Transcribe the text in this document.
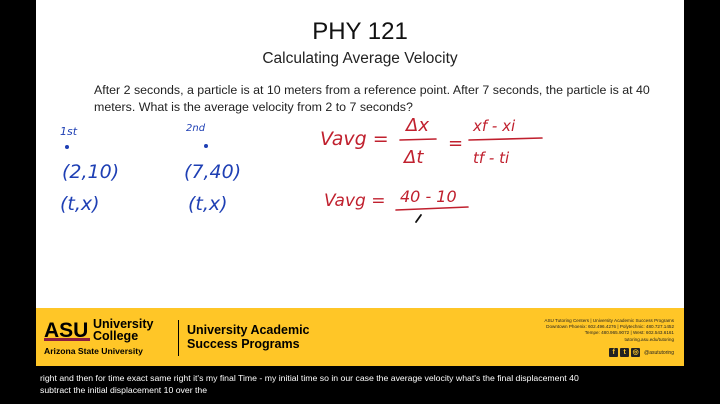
PHY 121
Calculating Average Velocity
After 2 seconds, a particle is at 10 meters from a reference point. After 7 seconds, the particle is at 40 meters. What is the average velocity from 2 to 7 seconds?
1st
(2,10)
(t,x)
2nd
(7,40)
(t,x)
Vavg =
Δx
Δt
=
xf - xi
tf - ti
Vavg = 40 - 10
ASU University
College
Arizona State University
University Academic
Success Programs
ASU Tutoring Centers | University Academic Success Programs
Downtown Phoenix: 602.496.4276 | Polytechnic: 480.727.1452
Tempe: 480.965.9072 | West: 602.543.6161
tutoring.asu.edu/tutoring
f	t ◎ @asututoring
right and then for time exact same right it's my final Time - my initial time so in our case the average velocity what's the final displacement 40
subtract the initial displacement 10 over the
